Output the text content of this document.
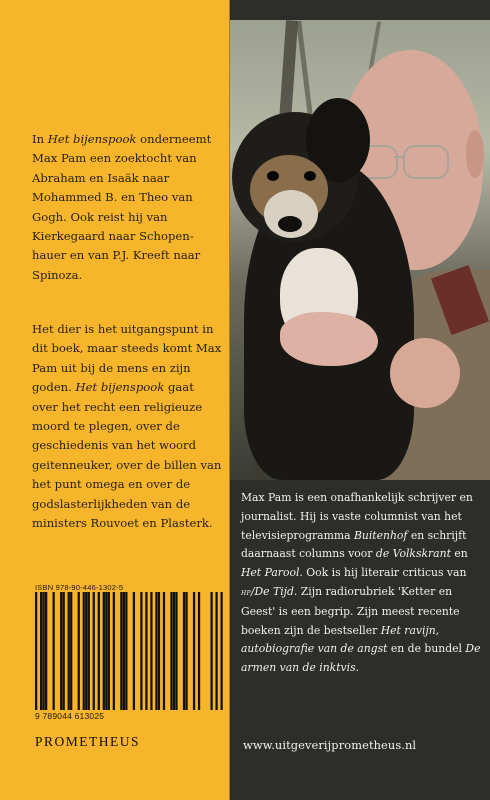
In Het bijenspook onderneemt Max Pam een zoektocht van Abraham en Isaäk naar Mohammed B. en Theo van Gogh. Ook reist hij van Kierkegaard naar Schopen-hauer en van P.J. Kreeft naar Spinoza.

Het dier is het uitgangspunt in dit boek, maar steeds komt Max Pam uit bij de mens en zijn goden. Het bijenspook gaat over het recht een religieuze moord te plegen, over de geschiedenis van het woord geitenneuker, over de billen van het punt omega en over de godslasterlijkheden van de ministers Rouvoet en Plasterk.

Max Pam is een onafhankelijk schrijver en journalist. Hij is vaste columnist van het televisieprogramma Buitenhof en schrijft daarnaast columns voor de Volkskrant en Het Parool. Ook is hij literair criticus van hp/De Tijd. Zijn radiorubriek 'Ketter en Geest' is een begrip. Zijn meest recente boeken zijn de bestseller Het ravijn, autobiografie van de angst en de bundel De armen van de inktvis.

www.uitgeverijprometheus.nl
ISBN 978-90-446-1302-5
9 789044 613025
PROMETHEUS
